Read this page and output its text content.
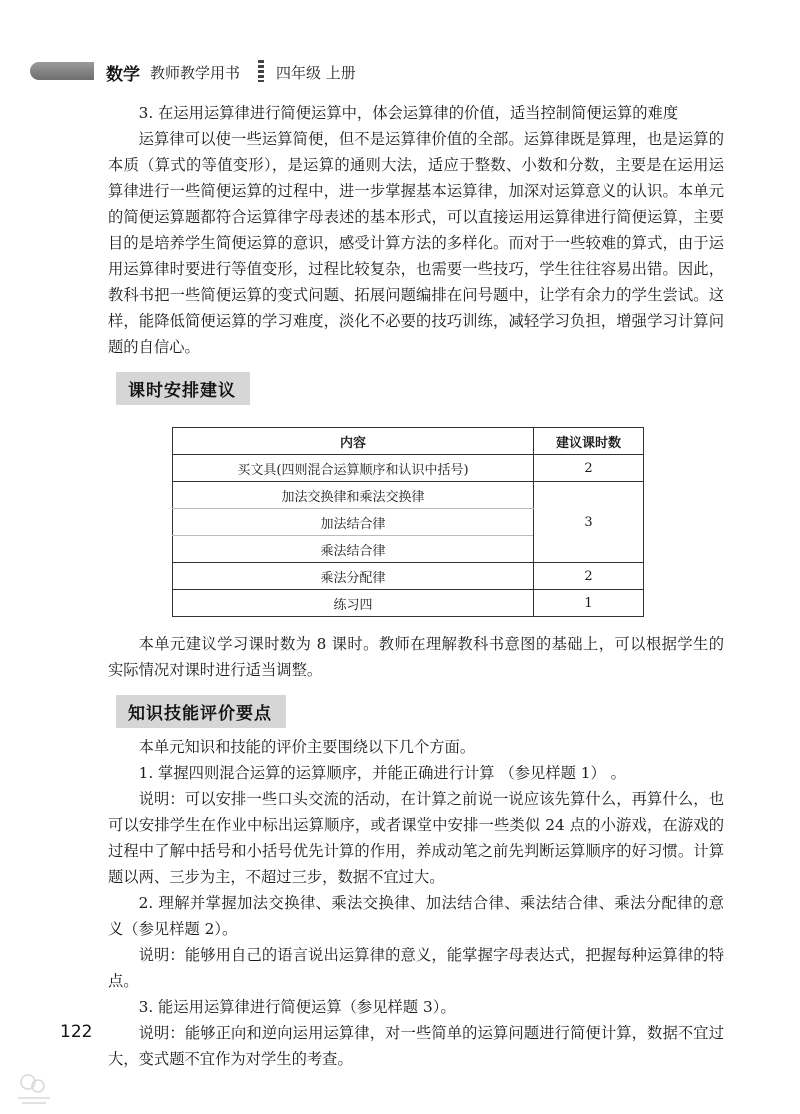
数学 教师教学用书 四年级 上册

3. 在运用运算律进行简便运算中，体会运算律的价值，适当控制简便运算的难度

运算律可以使一些运算简便，但不是运算律价值的全部。运算律既是算理，也是运算的本质（算式的等值变形），是运算的通则大法，适应于整数、小数和分数，主要是在运用运算律进行一些简便运算的过程中，进一步掌握基本运算律，加深对运算意义的认识。本单元的简便运算题都符合运算律字母表述的基本形式，可以直接运用运算律进行简便运算，主要目的是培养学生简便运算的意识，感受计算方法的多样化。而对于一些较难的算式，由于运用运算律时要进行等值变形，过程比较复杂，也需要一些技巧，学生往往容易出错。因此，教科书把一些简便运算的变式问题、拓展问题编排在问号题中，让学有余力的学生尝试。这样，能降低简便运算的学习难度，淡化不必要的技巧训练，减轻学习负担，增强学习计算问题的自信心。

课时安排建议
内容	建议课时数
买文具(四则混合运算顺序和认识中括号)	2
加法交换律和乘法交换律	3
加法结合律	
乘法结合律	
乘法分配律	2
练习四	1

本单元建议学习课时数为 8 课时。教师在理解教科书意图的基础上，可以根据学生的实际情况对课时进行适当调整。

知识技能评价要点

本单元知识和技能的评价主要围绕以下几个方面。

1. 掌握四则混合运算的运算顺序，并能正确进行计算 （参见样题 1） 。

说明：可以安排一些口头交流的活动，在计算之前说一说应该先算什么，再算什么，也可以安排学生在作业中标出运算顺序，或者课堂中安排一些类似 24 点的小游戏，在游戏的过程中了解中括号和小括号优先计算的作用，养成动笔之前先判断运算顺序的好习惯。计算题以两、三步为主，不超过三步，数据不宜过大。

2. 理解并掌握加法交换律、乘法交换律、加法结合律、乘法结合律、乘法分配律的意义（参见样题 2）。

说明：能够用自己的语言说出运算律的意义，能掌握字母表达式，把握每种运算律的特点。

3. 能运用运算律进行简便运算（参见样题 3）。

说明：能够正向和逆向运用运算律，对一些简单的运算问题进行简便计算，数据不宜过大，变式题不宜作为对学生的考查。

122
